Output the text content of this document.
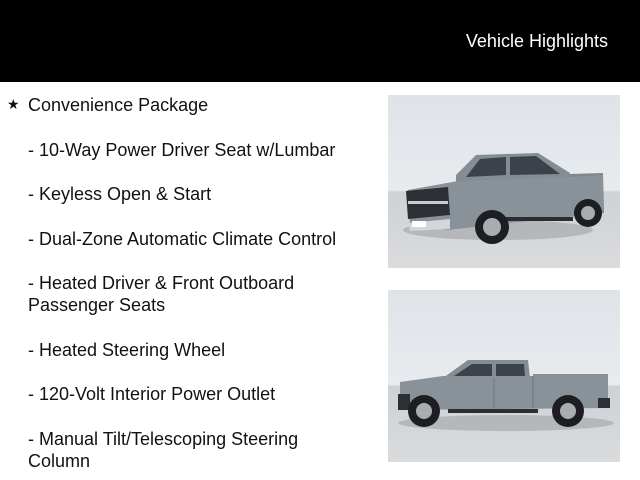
Vehicle Highlights
★ Convenience Package
- 10-Way Power Driver Seat w/Lumbar
- Keyless Open & Start
- Dual-Zone Automatic Climate Control
- Heated Driver & Front Outboard Passenger Seats
- Heated Steering Wheel
- 120-Volt Interior Power Outlet
- Manual Tilt/Telescoping Steering Column
